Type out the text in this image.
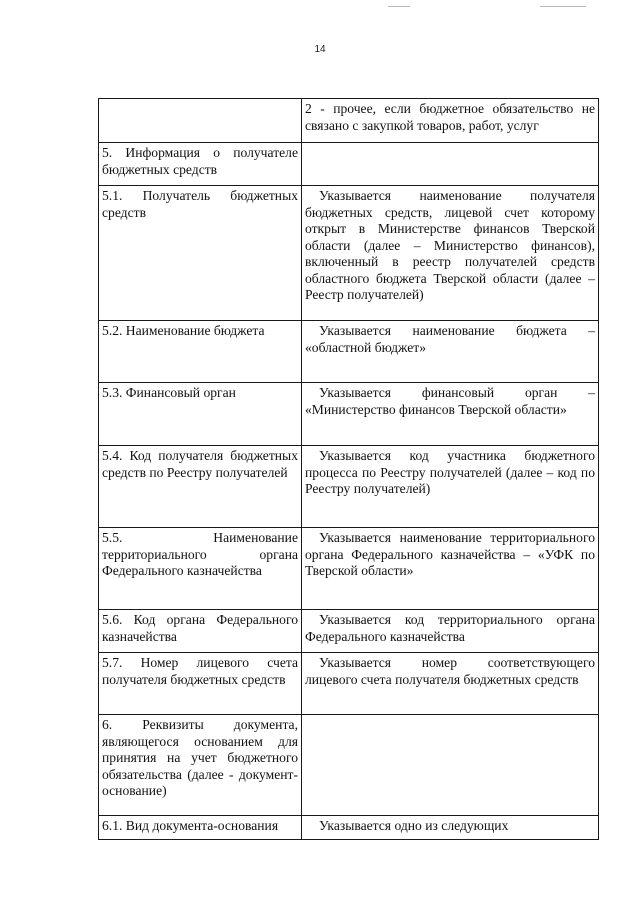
14
	2 - прочее, если бюджетное обязательство не связано с закупкой товаров, работ, услуг
5. Информация о получателе бюджетных средств	
5.1. Получатель бюджетных средств	Указывается наименование получателя бюджетных средств, лицевой счет которому открыт в Министерстве финансов Тверской области (далее – Министерство финансов), включенный в реестр получателей средств областного бюджета Тверской области (далее – Реестр получателей)
5.2. Наименование бюджета	Указывается наименование бюджета – «областной бюджет»
5.3. Финансовый орган	Указывается финансовый орган – «Министерство финансов Тверской области»
5.4. Код получателя бюджетных средств по Реестру получателей	Указывается код участника бюджетного процесса по Реестру получателей (далее – код по Реестру получателей)
5.5. Наименование территориального органа Федерального казначейства	Указывается наименование территориального органа Федерального казначейства – «УФК по Тверской области»
5.6. Код органа Федерального казначейства	Указывается код территориального органа Федерального казначейства
5.7. Номер лицевого счета получателя бюджетных средств	Указывается номер соответствующего лицевого счета получателя бюджетных средств
6. Реквизиты документа, являющегося основанием для принятия на учет бюджетного обязательства (далее - документ-основание)	
6.1. Вид документа-основания	Указывается одно из следующих
